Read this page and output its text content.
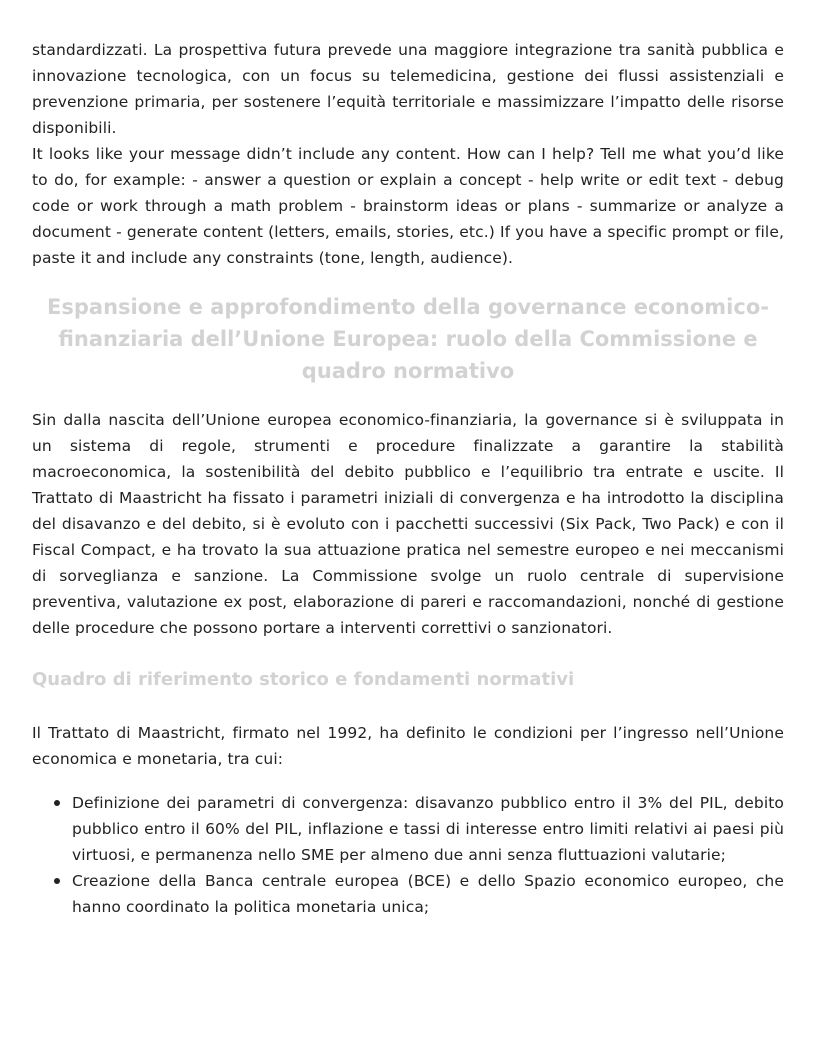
standardizzati. La prospettiva futura prevede una maggiore integrazione tra sanità pubblica e innovazione tecnologica, con un focus su telemedicina, gestione dei flussi assistenziali e prevenzione primaria, per sostenere l’equità territoriale e massimizzare l’impatto delle risorse disponibili.

It looks like your message didn’t include any content. How can I help? Tell me what you’d like to do, for example: - answer a question or explain a concept - help write or edit text - debug code or work through a math problem - brainstorm ideas or plans - summarize or analyze a document - generate content (letters, emails, stories, etc.) If you have a specific prompt or file, paste it and include any constraints (tone, length, audience).

Espansione e approfondimento della governance economico-finanziaria dell’Unione Europea: ruolo della Commissione e quadro normativo

Sin dalla nascita dell’Unione europea economico-finanziaria, la governance si è sviluppata in un sistema di regole, strumenti e procedure finalizzate a garantire la stabilità macroeconomica, la sostenibilità del debito pubblico e l’equilibrio tra entrate e uscite. Il Trattato di Maastricht ha fissato i parametri iniziali di convergenza e ha introdotto la disciplina del disavanzo e del debito, si è evoluto con i pacchetti successivi (Six Pack, Two Pack) e con il Fiscal Compact, e ha trovato la sua attuazione pratica nel semestre europeo e nei meccanismi di sorveglianza e sanzione. La Commissione svolge un ruolo centrale di supervisione preventiva, valutazione ex post, elaborazione di pareri e raccomandazioni, nonché di gestione delle procedure che possono portare a interventi correttivi o sanzionatori.

Quadro di riferimento storico e fondamenti normativi

Il Trattato di Maastricht, firmato nel 1992, ha definito le condizioni per l’ingresso nell’Unione economica e monetaria, tra cui:

Definizione dei parametri di convergenza: disavanzo pubblico entro il 3% del PIL, debito pubblico entro il 60% del PIL, inflazione e tassi di interesse entro limiti relativi ai paesi più virtuosi, e permanenza nello SME per almeno due anni senza fluttuazioni valutarie;
Creazione della Banca centrale europea (BCE) e dello Spazio economico europeo, che hanno coordinato la politica monetaria unica;
